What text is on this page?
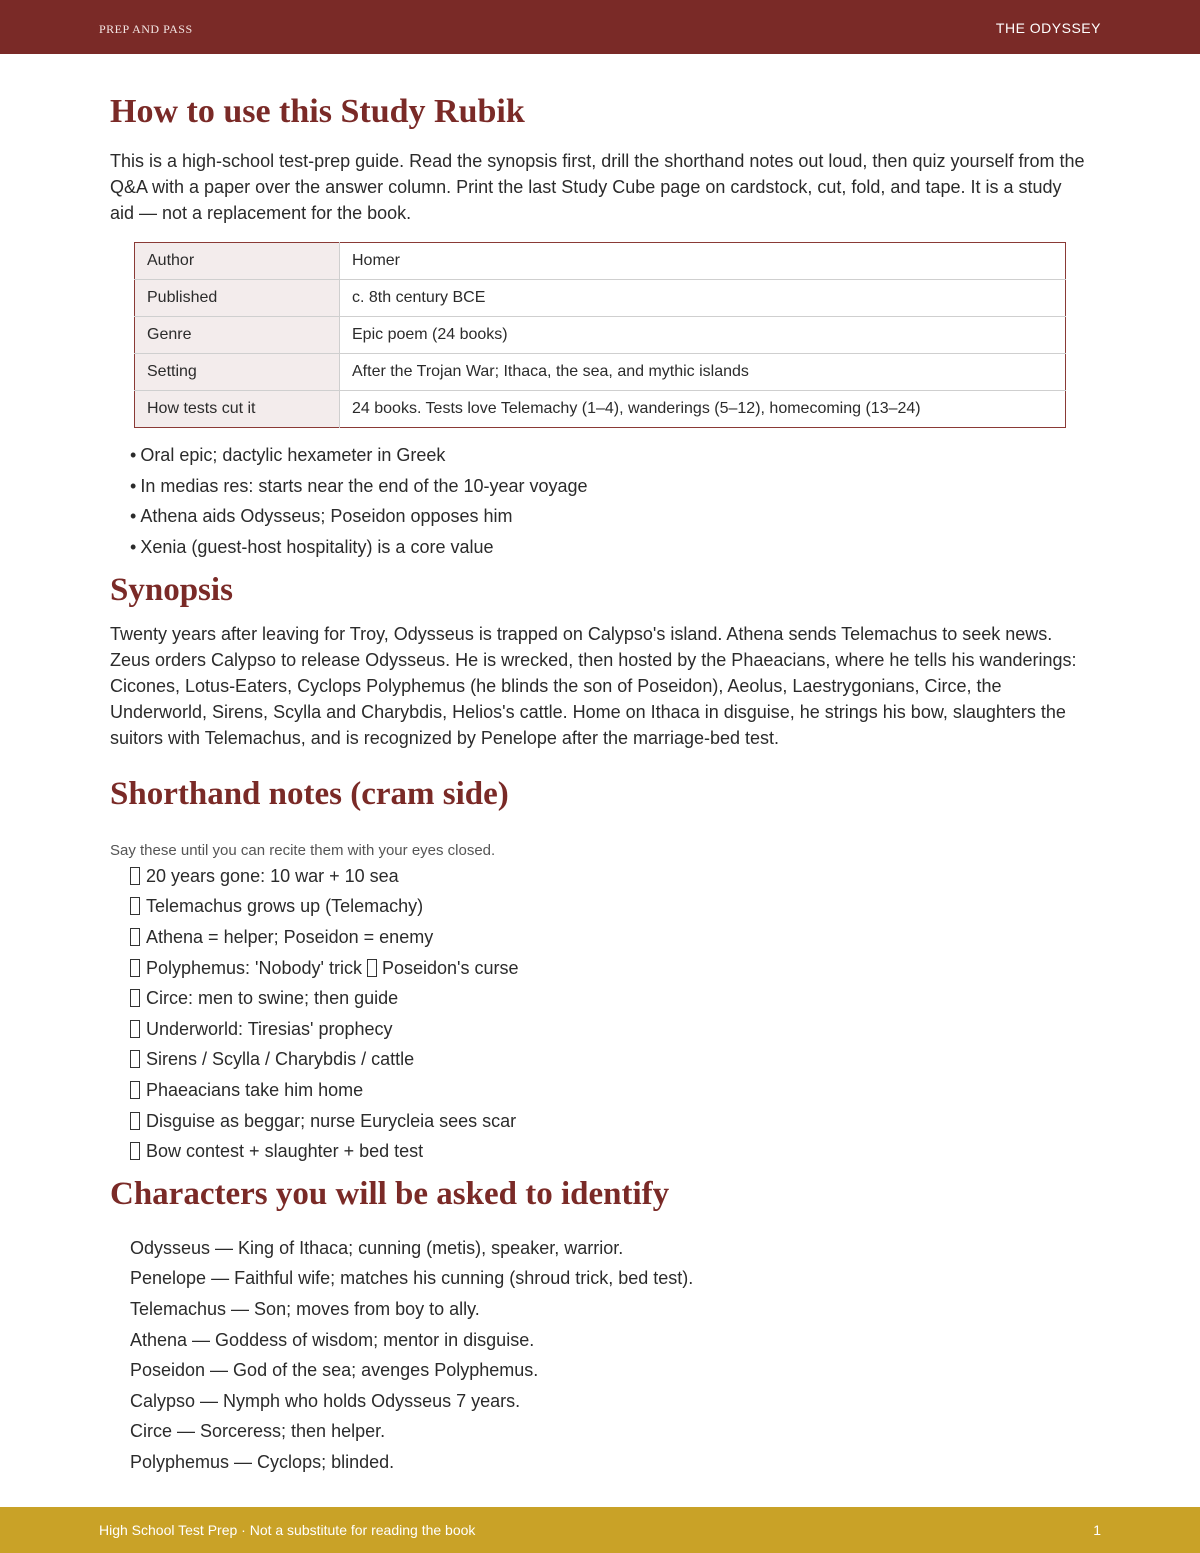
PREP AND PASS	THE ODYSSEY
How to use this Study Rubik

This is a high-school test-prep guide. Read the synopsis first, drill the shorthand notes out loud, then quiz yourself from the Q&A with a paper over the answer column. Print the last Study Cube page on cardstock, cut, fold, and tape. It is a study aid — not a replacement for the book.

Author	Homer
Published	c. 8th century BCE
Genre	Epic poem (24 books)
Setting	After the Trojan War; Ithaca, the sea, and mythic islands
How tests cut it	24 books. Tests love Telemachy (1–4), wanderings (5–12), homecoming (13–24)
• Oral epic; dactylic hexameter in Greek
• In medias res: starts near the end of the 10-year voyage
• Athena aids Odysseus; Poseidon opposes him
• Xenia (guest-host hospitality) is a core value
Synopsis

Twenty years after leaving for Troy, Odysseus is trapped on Calypso's island. Athena sends Telemachus to seek news. Zeus orders Calypso to release Odysseus. He is wrecked, then hosted by the Phaeacians, where he tells his wanderings: Cicones, Lotus-Eaters, Cyclops Polyphemus (he blinds the son of Poseidon), Aeolus, Laestrygonians, Circe, the Underworld, Sirens, Scylla and Charybdis, Helios's cattle. Home on Ithaca in disguise, he strings his bow, slaughters the suitors with Telemachus, and is recognized by Penelope after the marriage-bed test.

Shorthand notes (cram side)
Say these until you can recite them with your eyes closed.
20 years gone: 10 war + 10 sea
Telemachus grows up (Telemachy)
Athena = helper; Poseidon = enemy
Polyphemus: 'Nobody' trick Poseidon's curse
Circe: men to swine; then guide
Underworld: Tiresias' prophecy
Sirens / Scylla / Charybdis / cattle
Phaeacians take him home
Disguise as beggar; nurse Eurycleia sees scar
Bow contest + slaughter + bed test
Characters you will be asked to identify
Odysseus — King of Ithaca; cunning (metis), speaker, warrior.
Penelope — Faithful wife; matches his cunning (shroud trick, bed test).
Telemachus — Son; moves from boy to ally.
Athena — Goddess of wisdom; mentor in disguise.
Poseidon — God of the sea; avenges Polyphemus.
Calypso — Nymph who holds Odysseus 7 years.
Circe — Sorceress; then helper.
Polyphemus — Cyclops; blinded.
High School Test Prep · Not a substitute for reading the book	1
